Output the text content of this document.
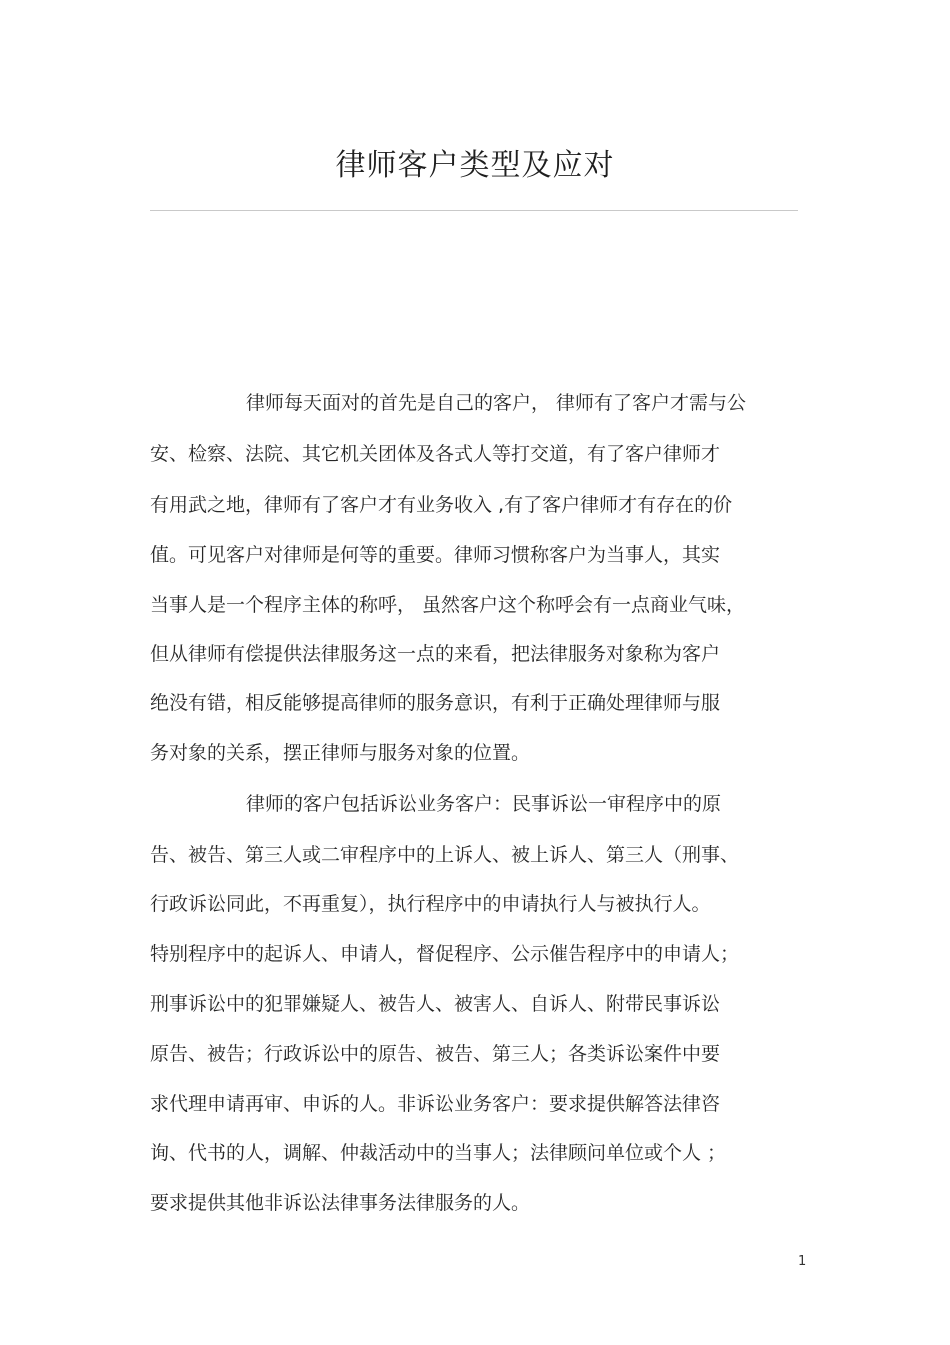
律师客户类型及应对
律师每天面对的首先是自己的客户， 律师有了客户才需与公
安、检察、法院、其它机关团体及各式人等打交道，有了客户律师才
有用武之地，律师有了客户才有业务收入 ,有了客户律师才有存在的价
值。可见客户对律师是何等的重要。律师习惯称客户为当事人，其实
当事人是一个程序主体的称呼， 虽然客户这个称呼会有一点商业气味，
但从律师有偿提供法律服务这一点的来看，把法律服务对象称为客户
绝没有错，相反能够提高律师的服务意识，有利于正确处理律师与服
务对象的关系，摆正律师与服务对象的位置。
律师的客户包括诉讼业务客户：民事诉讼一审程序中的原
告、被告、第三人或二审程序中的上诉人、被上诉人、第三人（刑事、
行政诉讼同此，不再重复），执行程序中的申请执行人与被执行人。
特别程序中的起诉人、申请人，督促程序、公示催告程序中的申请人；
刑事诉讼中的犯罪嫌疑人、被告人、被害人、自诉人、附带民事诉讼
原告、被告；行政诉讼中的原告、被告、第三人；各类诉讼案件中要
求代理申请再审、申诉的人。非诉讼业务客户：要求提供解答法律咨
询、代书的人，调解、仲裁活动中的当事人；法律顾问单位或个人 ；
要求提供其他非诉讼法律事务法律服务的人。
1
